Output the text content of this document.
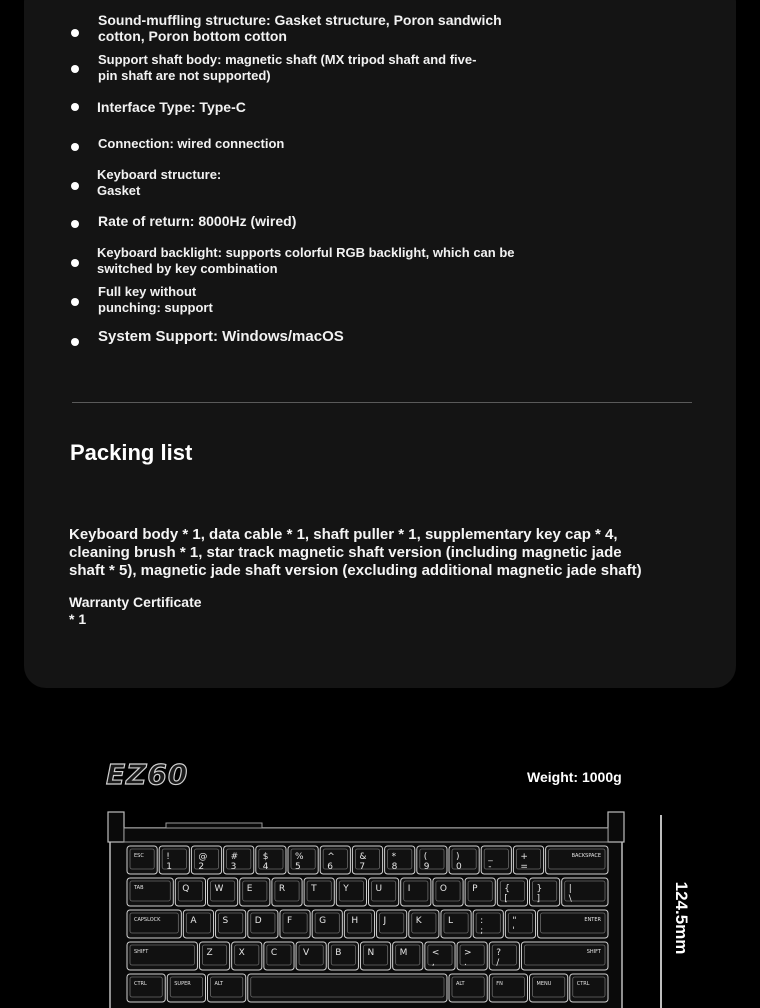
Sound-muffling structure: Gasket structure, Poron sandwich
cotton, Poron bottom cotton
Support shaft body: magnetic shaft (MX tripod shaft and five-
pin shaft are not supported)
Interface Type: Type-C
Connection: wired connection
Keyboard structure:
Gasket
Rate of return: 8000Hz (wired)
Keyboard backlight: supports colorful RGB backlight, which can be
switched by key combination
Full key without
punching: support
System Support: Windows/macOS
Packing list
Keyboard body * 1, data cable * 1, shaft puller * 1, supplementary key cap * 4,
cleaning brush * 1, star track magnetic shaft version (including magnetic jade
shaft * 5), magnetic jade shaft version (excluding additional magnetic jade shaft)
Warranty Certificate
* 1
EZ60	Weight: 1000g
124.5mm
ESC !
1
@
2
#
3
$
4
%
5
^
6
&
7
*
8
(
9
)
0
_
-
+
=
BACKSPACE
TAB	Q	W	E	R	T	Y	U	I	O	P	{
[
}
]
|
\
CAPSLOCK	A	S	D	F	G	H	J	K	L	:
;
"
'
ENTER
SHIFT	Z	X	C	V	B	N	M	<
,
>
.
?
/
SHIFT
CTRL	SUPER	ALT	ALT	FN	MENU	CTRL
